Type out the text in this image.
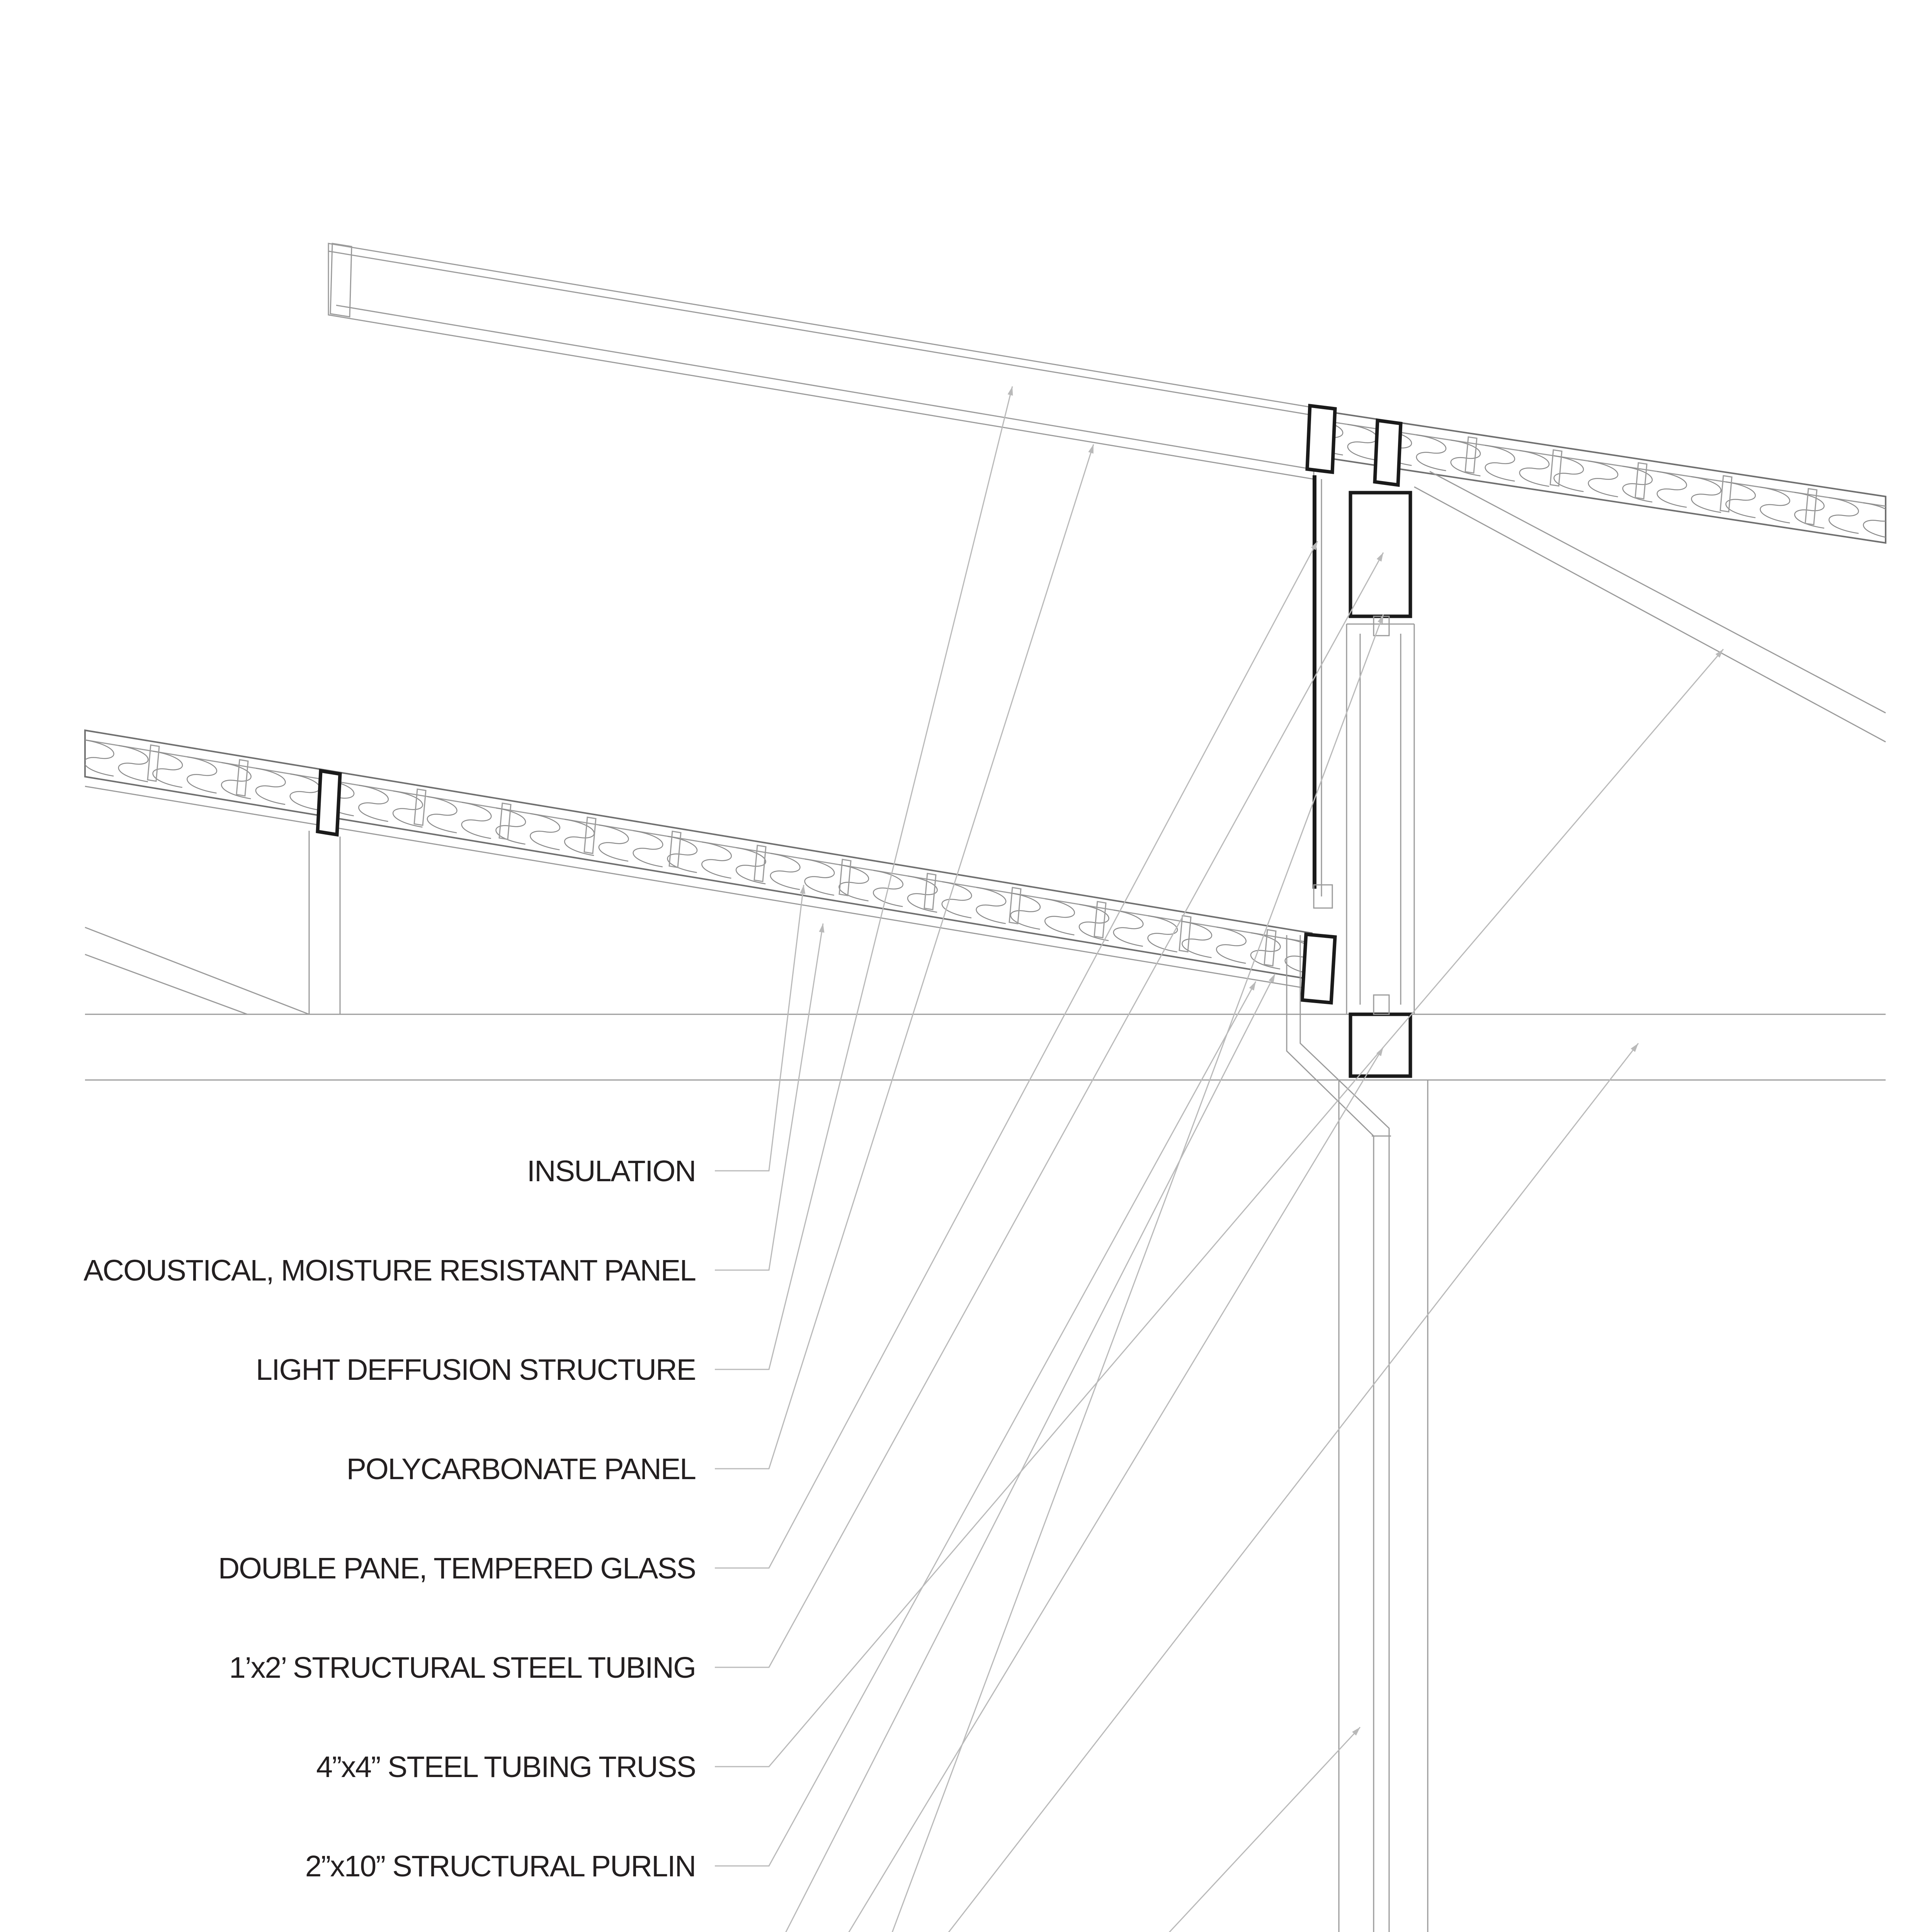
INSULATION
ACOUSTICAL, MOISTURE RESISTANT PANEL
LIGHT DEFFUSION STRUCTURE
POLYCARBONATE PANEL
DOUBLE PANE, TEMPERED GLASS
1’x2’ STRUCTURAL STEEL TUBING
4”x4” STEEL TUBING TRUSS
2”x10” STRUCTURAL PURLIN
